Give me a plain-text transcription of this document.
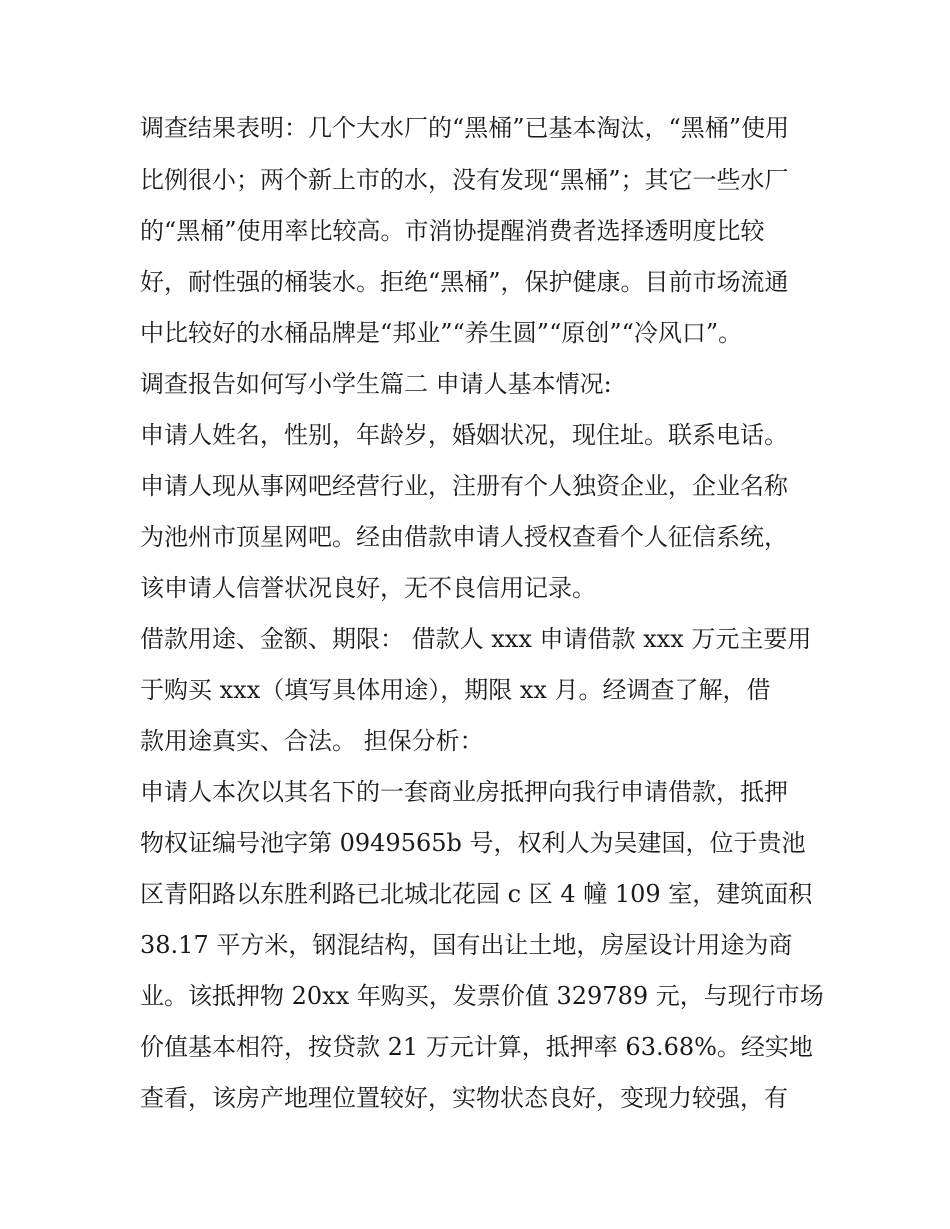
调查结果表明：几个大水厂的“黑桶”已基本淘汰，“黑桶”使用
比例很小；两个新上市的水，没有发现“黑桶”；其它一些水厂
的“黑桶”使用率比较高。市消协提醒消费者选择透明度比较
好，耐性强的桶装水。拒绝“黑桶”，保护健康。目前市场流通
中比较好的水桶品牌是“邦业”“养生圆”“原创”“冷风口”。
调查报告如何写小学生篇二 申请人基本情况:
申请人姓名，性别，年龄岁，婚姻状况，现住址。联系电话。
申请人现从事网吧经营行业，注册有个人独资企业，企业名称
为池州市顶星网吧。经由借款申请人授权查看个人征信系统，
该申请人信誉状况良好，无不良信用记录。
借款用途、金额、期限： 借款人 xxx 申请借款 xxx 万元主要用
于购买 xxx（填写具体用途），期限 xx 月。经调查了解，借
款用途真实、合法。 担保分析：
申请人本次以其名下的一套商业房抵押向我行申请借款，抵押
物权证编号池字第 0949565b 号，权利人为吴建国，位于贵池
区青阳路以东胜利路已北城北花园 c 区 4 幢 109 室，建筑面积
38.17 平方米，钢混结构，国有出让土地，房屋设计用途为商
业。该抵押物 20xx 年购买，发票价值 329789 元，与现行市场
价值基本相符，按贷款 21 万元计算，抵押率 63.68%。经实地
查看，该房产地理位置较好，实物状态良好，变现力较强，有
